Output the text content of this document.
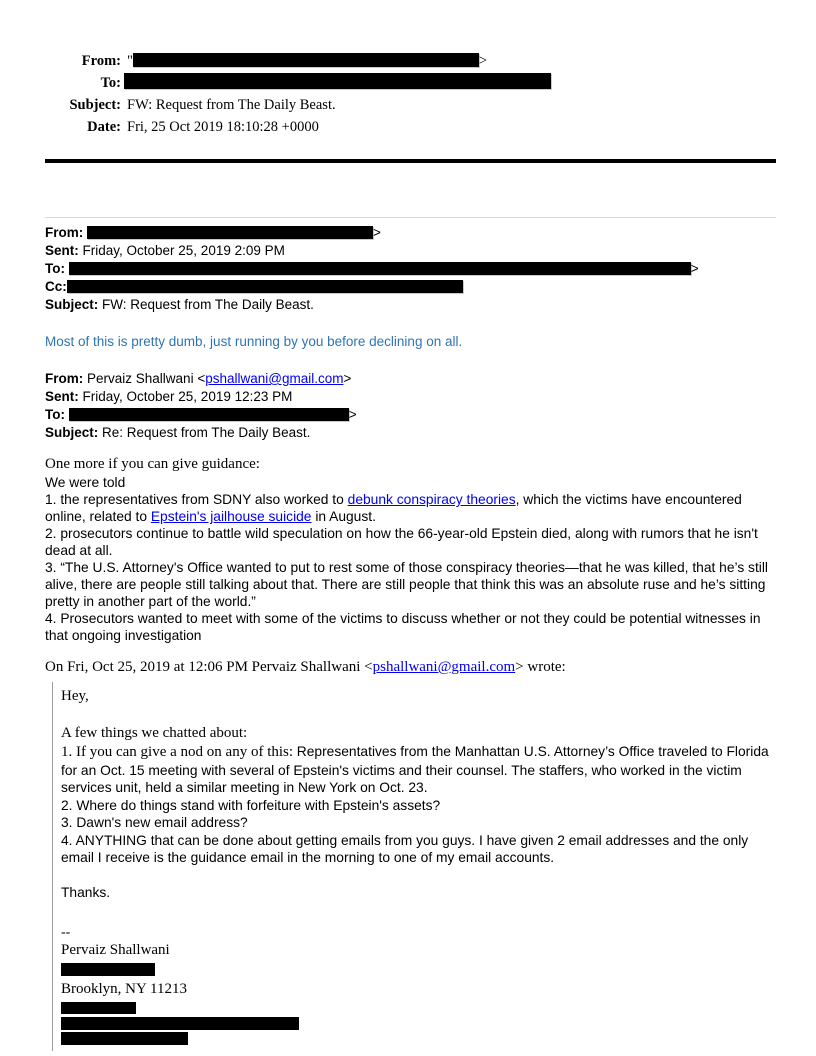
From: "	>
To:
Subject: FW: Request from The Daily Beast.
Date: Fri, 25 Oct 2019 18:10:28 +0000
From:	>
Sent: Friday, October 25, 2019 2:09 PM
To:	>
Cc:
Subject: FW: Request from The Daily Beast.
Most of this is pretty dumb, just running by you before declining on all.
From: Pervaiz Shallwani <pshallwani@gmail.com>
Sent: Friday, October 25, 2019 12:23 PM
To:	>
Subject: Re: Request from The Daily Beast.
One more if you can give guidance:
We were told
1. the representatives from SDNY also worked to debunk conspiracy theories, which the victims have encountered online, related to Epstein's jailhouse suicide in August.
2. prosecutors continue to battle wild speculation on how the 66-year-old Epstein died, along with rumors that he isn't dead at all.
3. “The U.S. Attorney's Office wanted to put to rest some of those conspiracy theories—that he was killed, that he’s still alive, there are people still talking about that. There are still people that think this was an absolute ruse and he’s sitting pretty in another part of the world.”
4. Prosecutors wanted to meet with some of the victims to discuss whether or not they could be potential witnesses in that ongoing investigation
On Fri, Oct 25, 2019 at 12:06 PM Pervaiz Shallwani <pshallwani@gmail.com> wrote:
Hey,
A few things we chatted about:
1. If you can give a nod on any of this: Representatives from the Manhattan U.S. Attorney’s Office traveled to Florida for an Oct. 15 meeting with several of Epstein's victims and their counsel. The staffers, who worked in the victim services unit, held a similar meeting in New York on Oct. 23.
2. Where do things stand with forfeiture with Epstein's assets?
3. Dawn's new email address?
4. ANYTHING that can be done about getting emails from you guys. I have given 2 email addresses and the only email I receive is the guidance email in the morning to one of my email accounts.
Thanks.
--
Pervaiz Shallwani
Brooklyn, NY 11213
